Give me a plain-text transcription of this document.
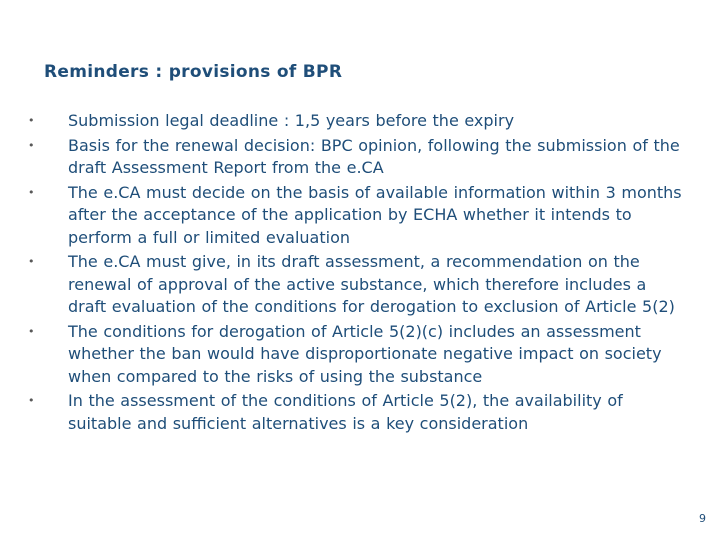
Reminders : provisions of BPR
•	Submission legal deadline : 1,5 years before the expiry
•	Basis for the renewal decision: BPC opinion, following the submission of the draft Assessment Report from the e.CA
•	The e.CA must decide on the basis of available information within 3 months after the acceptance of the application by ECHA whether it intends to perform a full or limited evaluation
•	The e.CA must give, in its draft assessment, a recommendation on the renewal of approval of the active substance, which therefore includes a draft evaluation of the conditions for derogation to exclusion of Article 5(2)
•	The conditions for derogation of Article 5(2)(c) includes an assessment whether the ban would have disproportionate negative impact on society when compared to the risks of using the substance
•	In the assessment of the conditions of Article 5(2), the availability of suitable and sufficient alternatives is a key consideration
9
